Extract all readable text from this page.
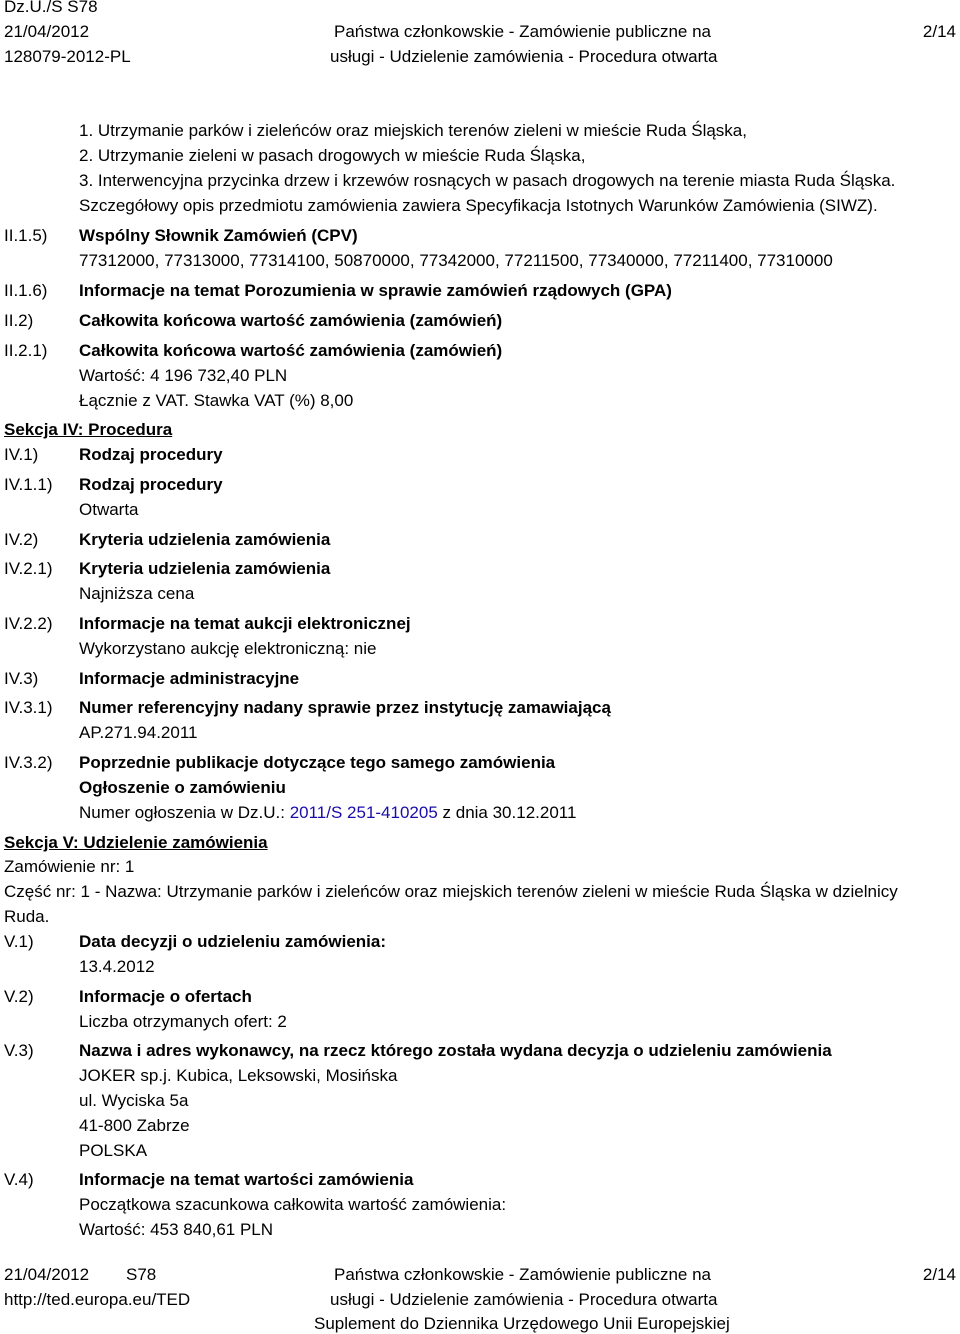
Dz.U./S S78
21/04/2012
128079-2012-PL
Państwa członkowskie - Zamówienie publiczne na
usługi - Udzielenie zamówienia - Procedura otwarta
2/14
1. Utrzymanie parków i zieleńców oraz miejskich terenów zieleni w mieście Ruda Śląska,
2. Utrzymanie zieleni w pasach drogowych w mieście Ruda Śląska,
3. Interwencyjna przycinka drzew i krzewów rosnących w pasach drogowych na terenie miasta Ruda Śląska.
Szczegółowy opis przedmiotu zamówienia zawiera Specyfikacja Istotnych Warunków Zamówienia (SIWZ).
II.1.5) Wspólny Słownik Zamówień (CPV)
77312000, 77313000, 77314100, 50870000, 77342000, 77211500, 77340000, 77211400, 77310000
II.1.6) Informacje na temat Porozumienia w sprawie zamówień rządowych (GPA)
II.2)	Całkowita końcowa wartość zamówienia (zamówień)
II.2.1) Całkowita końcowa wartość zamówienia (zamówień)
Wartość: 4 196 732,40 PLN
Łącznie z VAT. Stawka VAT (%) 8,00
Sekcja IV: Procedura
IV.1) Rodzaj procedury
IV.1.1) Rodzaj procedury
Otwarta
IV.2) Kryteria udzielenia zamówienia
IV.2.1) Kryteria udzielenia zamówienia
Najniższa cena
IV.2.2) Informacje na temat aukcji elektronicznej
Wykorzystano aukcję elektroniczną: nie
IV.3) Informacje administracyjne
IV.3.1) Numer referencyjny nadany sprawie przez instytucję zamawiającą
AP.271.94.2011
IV.3.2) Poprzednie publikacje dotyczące tego samego zamówienia
Ogłoszenie o zamówieniu
Numer ogłoszenia w Dz.U.: 2011/S 251-410205 z dnia 30.12.2011
Sekcja V: Udzielenie zamówienia
Zamówienie nr: 1
Część nr: 1 - Nazwa: Utrzymanie parków i zieleńców oraz miejskich terenów zieleni w mieście Ruda Śląska w dzielnicy
Ruda.
V.1)	Data decyzji o udzieleniu zamówienia:
13.4.2012
V.2)	Informacje o ofertach
Liczba otrzymanych ofert: 2
V.3)	Nazwa i adres wykonawcy, na rzecz którego została wydana decyzja o udzieleniu zamówienia
JOKER sp.j. Kubica, Leksowski, Mosińska
ul. Wyciska 5a
41-800 Zabrze
POLSKA
V.4)	Informacje na temat wartości zamówienia
Początkowa szacunkowa całkowita wartość zamówienia:
Wartość: 453 840,61 PLN
21/04/2012 S78
http://ted.europa.eu/TED
Państwa członkowskie - Zamówienie publiczne na
usługi - Udzielenie zamówienia - Procedura otwarta
Suplement do Dziennika Urzędowego Unii Europejskiej
2/14
